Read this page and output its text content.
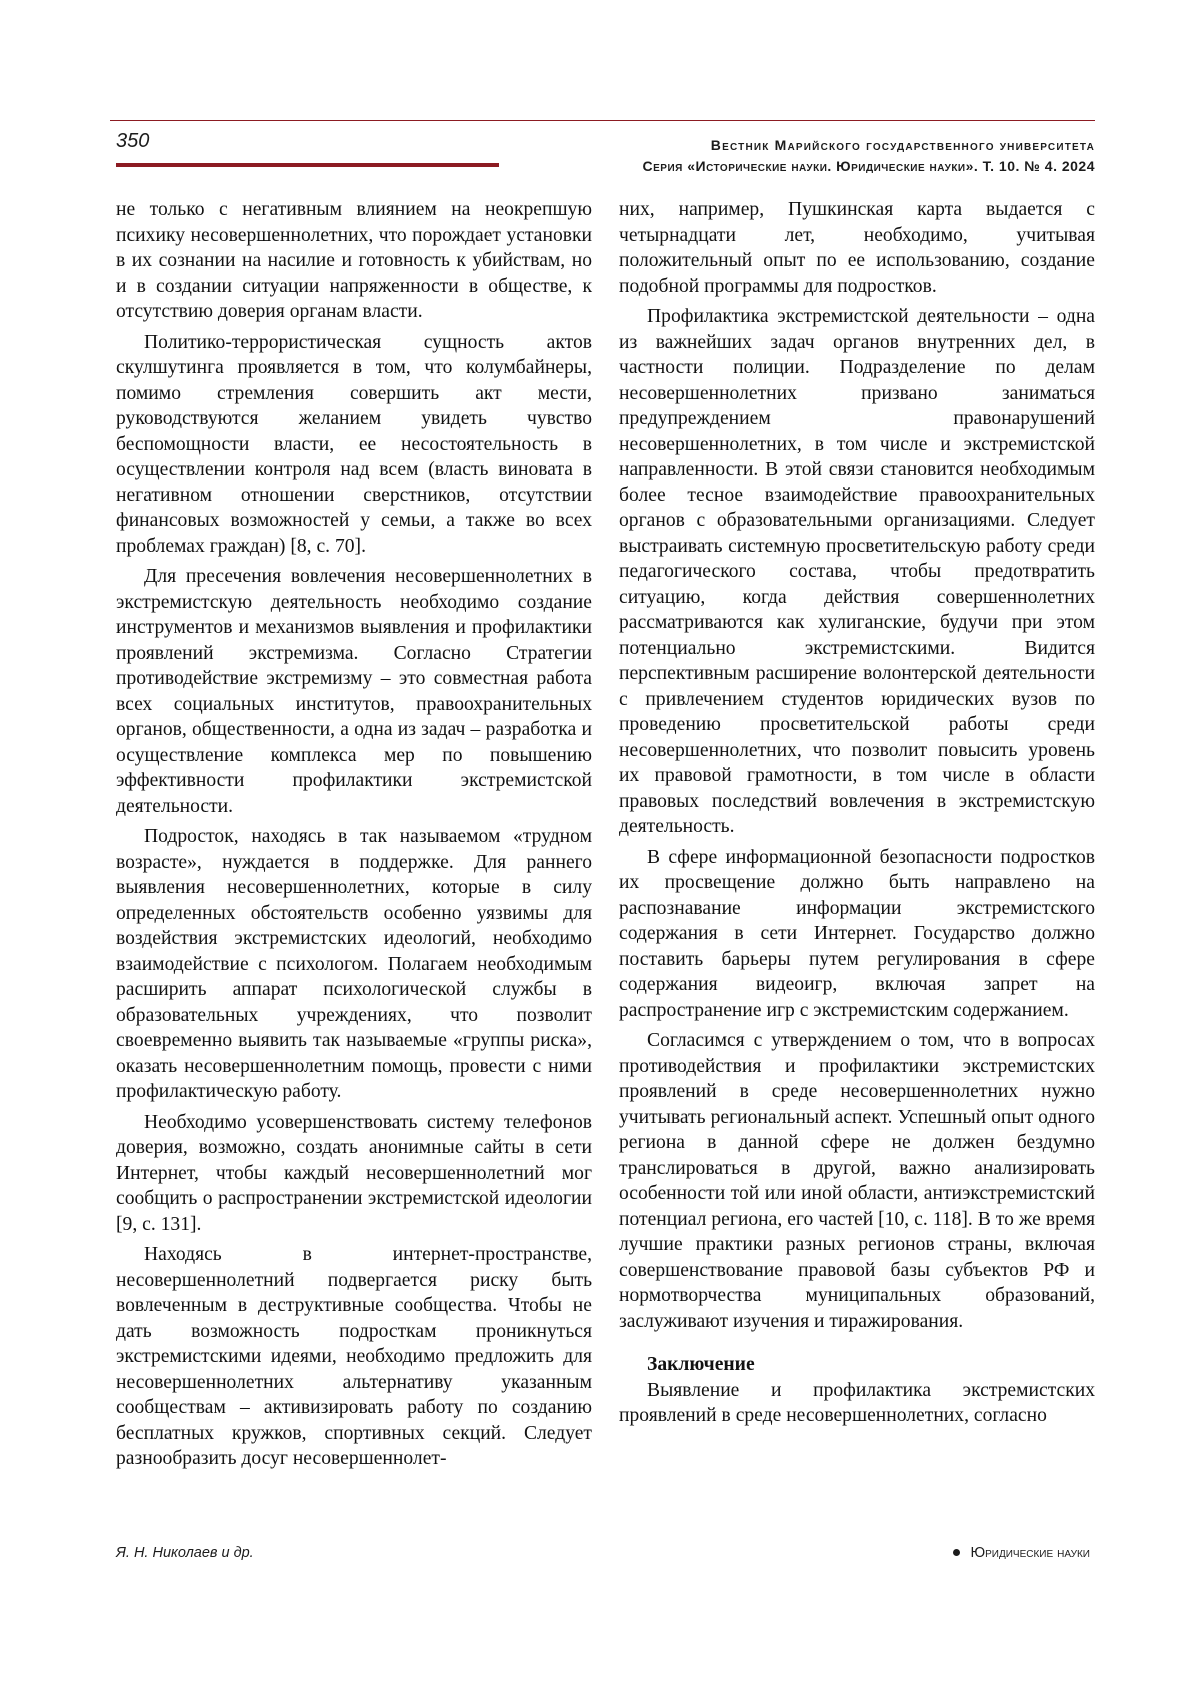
350	Вестник Марийского государственного университета
Серия «Исторические науки. Юридические науки». Т. 10. № 4. 2024

не только с негативным влиянием на неокрепшую психику несовершеннолетних, что порождает установки в их сознании на насилие и готовность к убийствам, но и в создании ситуации напряженности в обществе, к отсутствию доверия органам власти.

Политико-террористическая сущность актов скулшутинга проявляется в том, что колумбайнеры, помимо стремления совершить акт мести, руководствуются желанием увидеть чувство беспомощности власти, ее несостоятельность в осуществлении контроля над всем (власть виновата в негативном отношении сверстников, отсутствии финансовых возможностей у семьи, а также во всех проблемах граждан) [8, с. 70].

Для пресечения вовлечения несовершеннолетних в экстремистскую деятельность необходимо создание инструментов и механизмов выявления и профилактики проявлений экстремизма. Согласно Стратегии противодействие экстремизму – это совместная работа всех социальных институтов, правоохранительных органов, общественности, а одна из задач – разработка и осуществление комплекса мер по повышению эффективности профилактики экстремистской деятельности.

Подросток, находясь в так называемом «трудном возрасте», нуждается в поддержке. Для раннего выявления несовершеннолетних, которые в силу определенных обстоятельств особенно уязвимы для воздействия экстремистских идеологий, необходимо взаимодействие с психологом. Полагаем необходимым расширить аппарат психологической службы в образовательных учреждениях, что позволит своевременно выявить так называемые «группы риска», оказать несовершеннолетним помощь, провести с ними профилактическую работу.

Необходимо усовершенствовать систему телефонов доверия, возможно, создать анонимные сайты в сети Интернет, чтобы каждый несовершеннолетний мог сообщить о распространении экстремистской идеологии [9, с. 131].

Находясь в интернет-пространстве, несовершеннолетний подвергается риску быть вовлеченным в деструктивные сообщества. Чтобы не дать возможность подросткам проникнуться экстремистскими идеями, необходимо предложить для несовершеннолетних альтернативу указанным сообществам – активизировать работу по созданию бесплатных кружков, спортивных секций. Следует разнообразить досуг несовершеннолет-

них, например, Пушкинская карта выдается с четырнадцати лет, необходимо, учитывая положительный опыт по ее использованию, создание подобной программы для подростков.

Профилактика экстремистской деятельности – одна из важнейших задач органов внутренних дел, в частности полиции. Подразделение по делам несовершеннолетних призвано заниматься предупреждением правонарушений несовершеннолетних, в том числе и экстремистской направленности. В этой связи становится необходимым более тесное взаимодействие правоохранительных органов с образовательными организациями. Следует выстраивать системную просветительскую работу среди педагогического состава, чтобы предотвратить ситуацию, когда действия совершеннолетних рассматриваются как хулиганские, будучи при этом потенциально экстремистскими. Видится перспективным расширение волонтерской деятельности с привлечением студентов юридических вузов по проведению просветительской работы среди несовершеннолетних, что позволит повысить уровень их правовой грамотности, в том числе в области правовых последствий вовлечения в экстремистскую деятельность.

В сфере информационной безопасности подростков их просвещение должно быть направлено на распознавание информации экстремистского содержания в сети Интернет. Государство должно поставить барьеры путем регулирования в сфере содержания видеоигр, включая запрет на распространение игр с экстремистским содержанием.

Согласимся с утверждением о том, что в вопросах противодействия и профилактики экстремистских проявлений в среде несовершеннолетних нужно учитывать региональный аспект. Успешный опыт одного региона в данной сфере не должен бездумно транслироваться в другой, важно анализировать особенности той или иной области, антиэкстремистский потенциал региона, его частей [10, с. 118]. В то же время лучшие практики разных регионов страны, включая совершенствование правовой базы субъектов РФ и нормотворчества муниципальных образований, заслуживают изучения и тиражирования.

Заключение

Выявление и профилактика экстремистских проявлений в среде несовершеннолетних, согласно

Я. Н. Николаев и др.	Юридические науки
